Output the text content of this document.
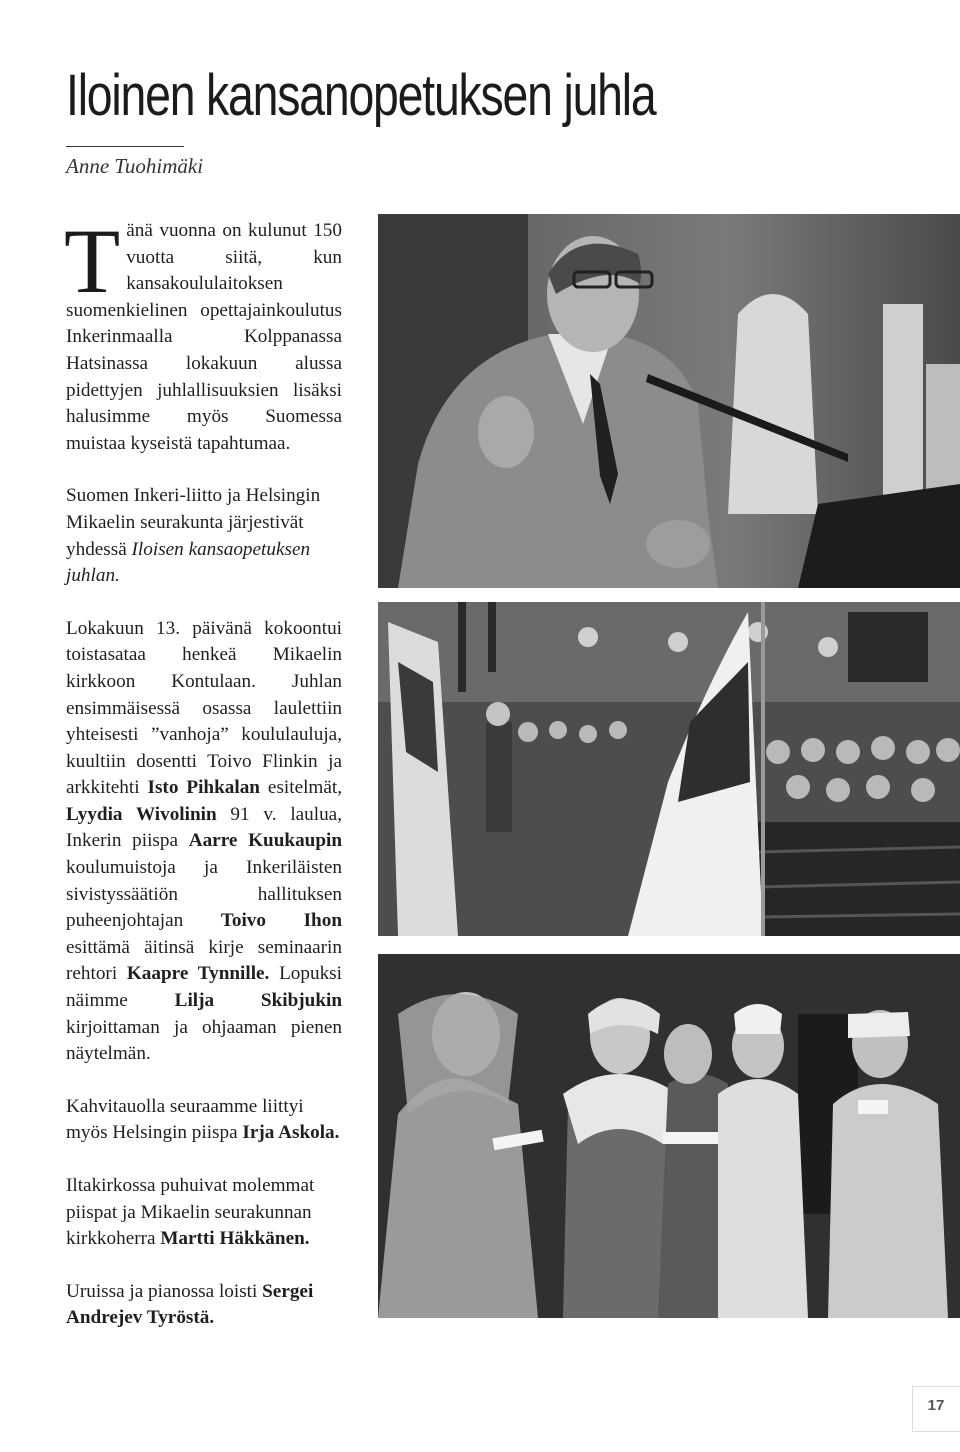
Iloinen kansanopetuksen juhla
Anne Tuohimäki

Tänä vuonna on kulunut 150 vuotta siitä, kun kansakoululaitoksen suomenkielinen opettajainkoulutus Inkerinmaalla Kolppanassa Hatsinassa lokakuun alussa pidettyjen juhlallisuuksien lisäksi halusimme myös Suomessa muistaa kyseistä tapahtumaa.

Suomen Inkeri-liitto ja Helsingin Mikaelin seurakunta järjestivät yhdessä Iloisen kansaopetuksen juhlan.

Lokakuun 13. päivänä kokoontui toistasataa henkeä Mikaelin kirkkoon Kontulaan. Juhlan ensimmäisessä osassa laulettiin yhteisesti ”vanhoja” koululauluja, kuultiin dosentti Toivo Flinkin ja arkkitehti Isto Pihkalan esitelmät, Lyydia Wivolinin 91 v. laulua, Inkerin piispa Aarre Kuukaupin koulumuistoja ja Inkeriläisten sivistyssäätiön hallituksen puheenjohtajan Toivo Ihon esittämä äitinsä kirje seminaarin rehtori Kaapre Tynnille. Lopuksi näimme Lilja Skibjukin kirjoittaman ja ohjaaman pienen näytelmän.

Kahvitauolla seuraamme liittyi myös Helsingin piispa Irja Askola.

Iltakirkossa puhuivat molemmat piispat ja Mikaelin seurakunnan kirkkoherra Martti Häkkänen.

Uruissa ja pianossa loisti Sergei Andrejev Tyröstä.

17
